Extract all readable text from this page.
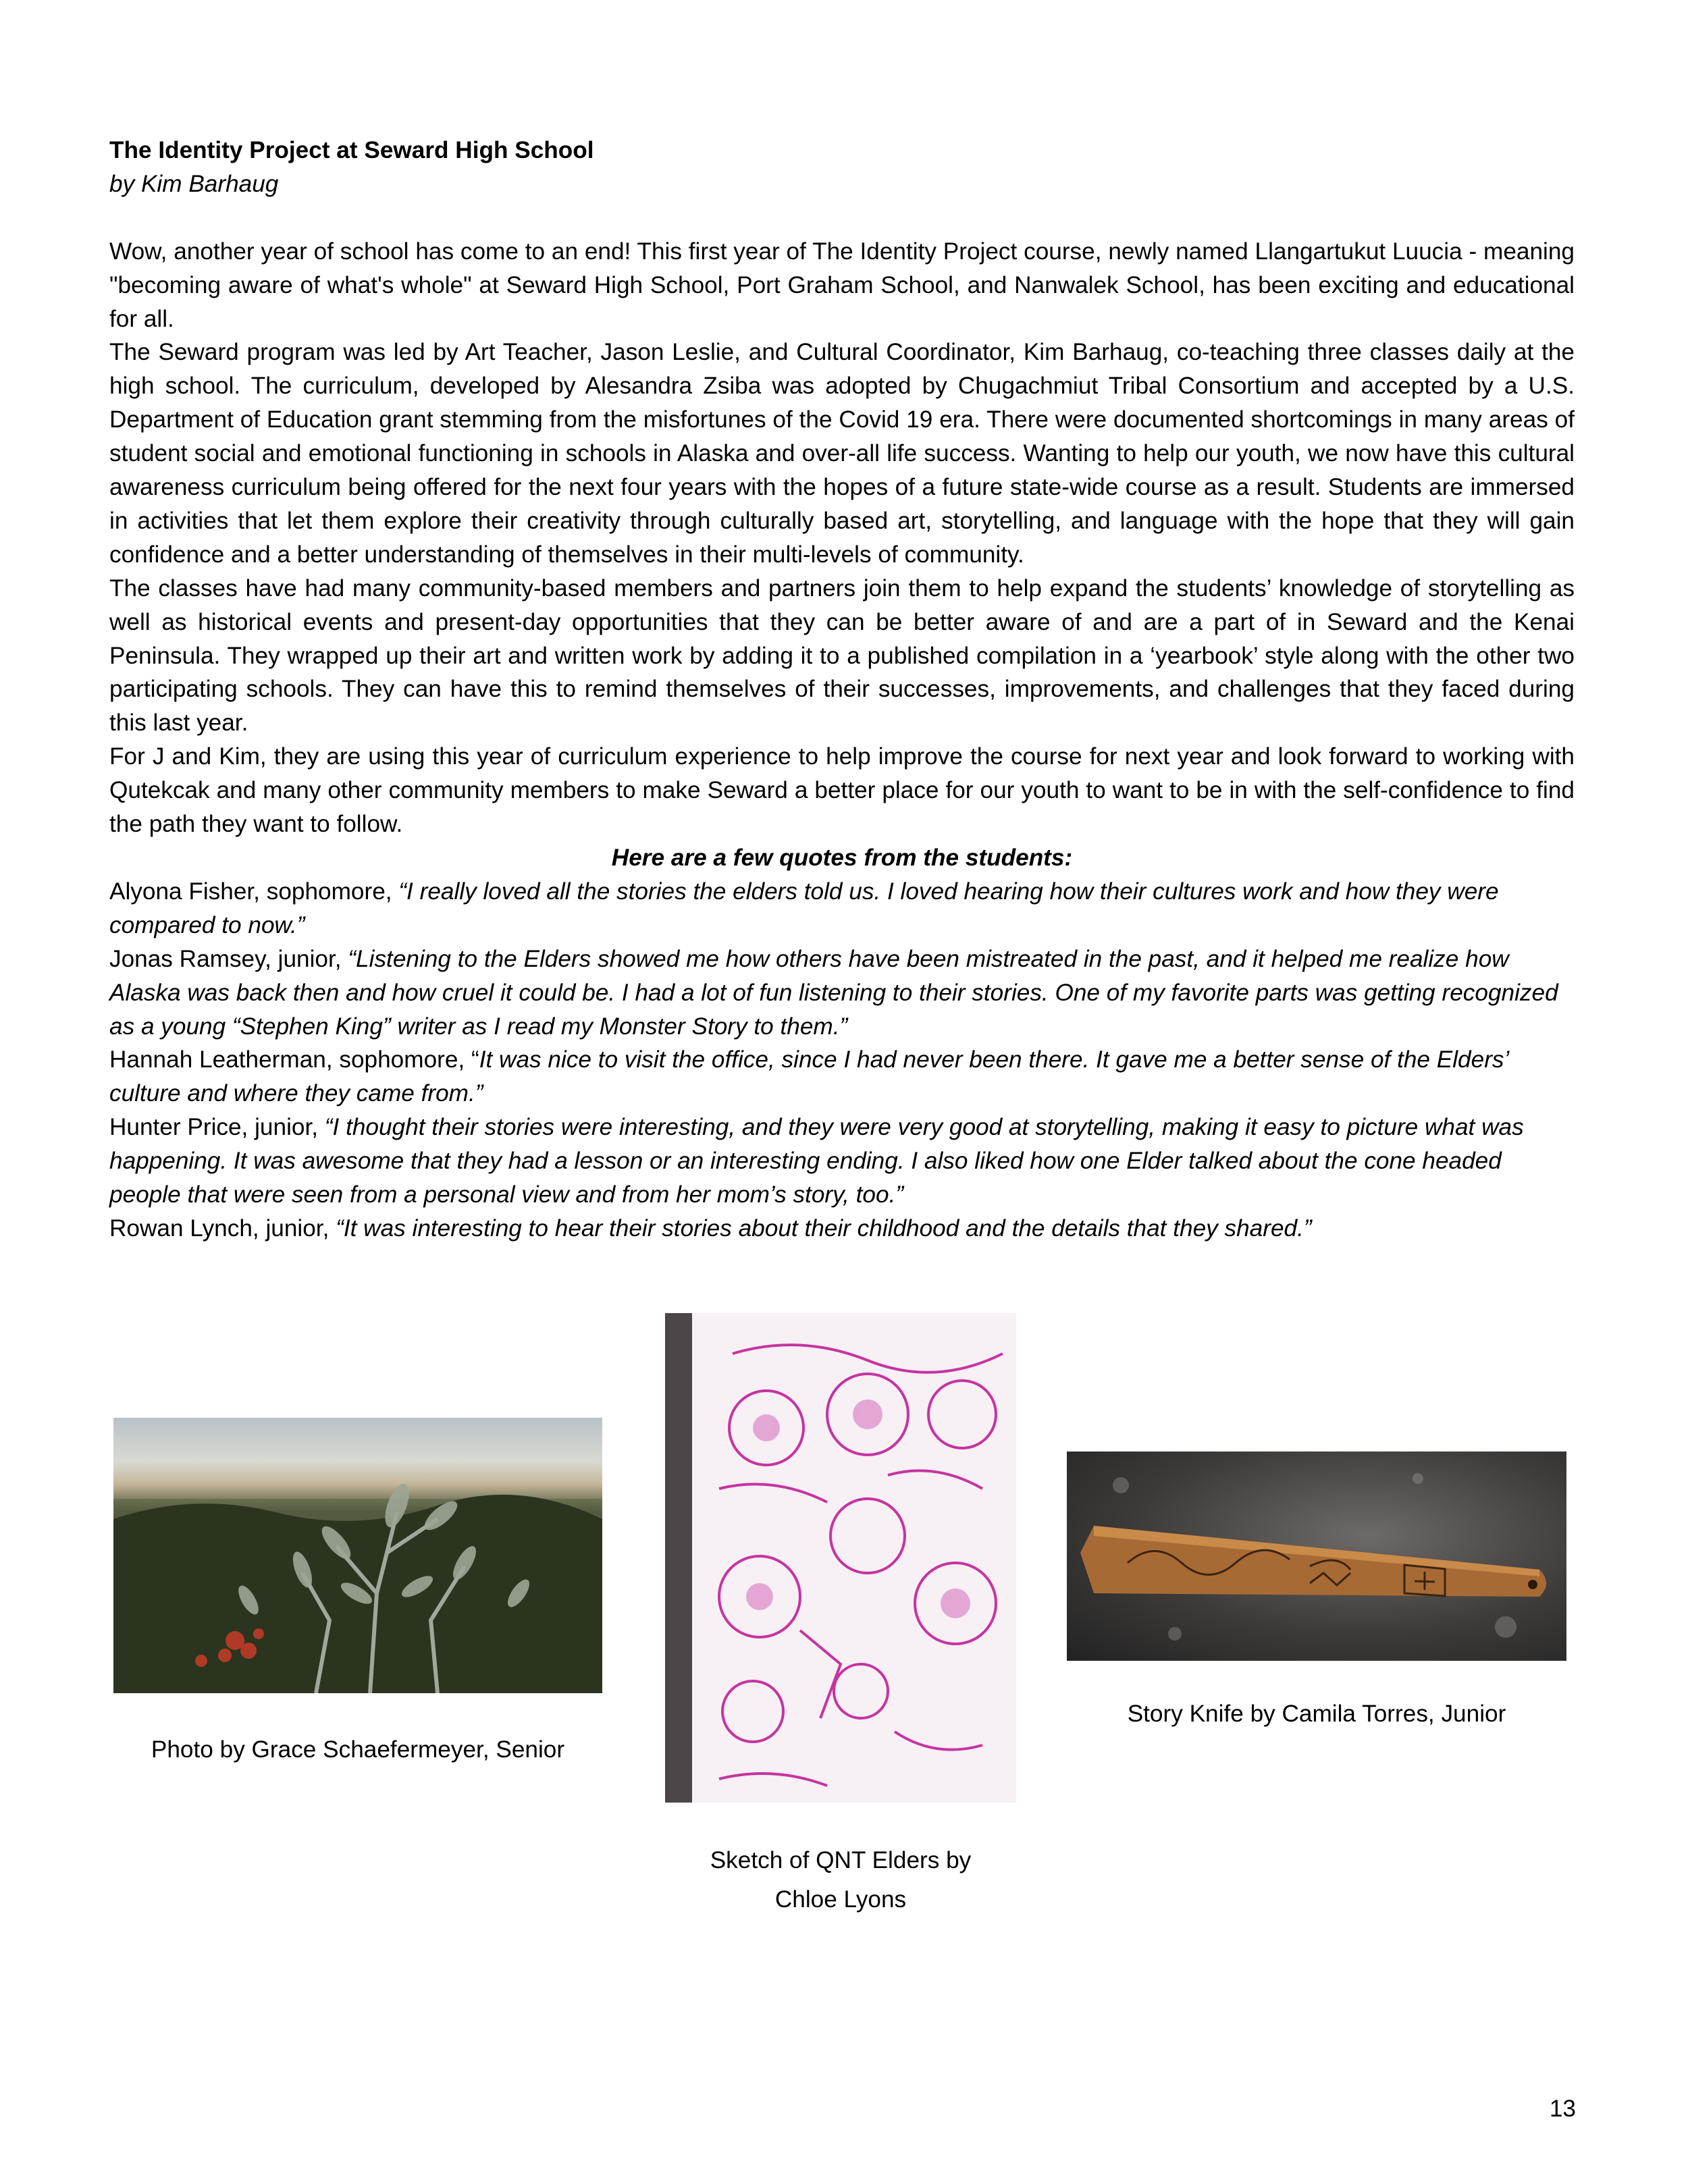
The Identity Project at Seward High School

by Kim Barhaug

Wow, another year of school has come to an end! This first year of The Identity Project course, newly named Llangartukut Luucia - meaning "becoming aware of what's whole" at Seward High School, Port Graham School, and Nanwalek School, has been exciting and educational for all.

The Seward program was led by Art Teacher, Jason Leslie, and Cultural Coordinator, Kim Barhaug, co-teaching three classes daily at the high school. The curriculum, developed by Alesandra Zsiba was adopted by Chugachmiut Tribal Consortium and accepted by a U.S. Department of Education grant stemming from the misfortunes of the Covid 19 era. There were documented shortcomings in many areas of student social and emotional functioning in schools in Alaska and over-all life success. Wanting to help our youth, we now have this cultural awareness curriculum being offered for the next four years with the hopes of a future state-wide course as a result. Students are immersed in activities that let them explore their creativity through culturally based art, storytelling, and language with the hope that they will gain confidence and a better understanding of themselves in their multi-levels of community.

The classes have had many community-based members and partners join them to help expand the students’ knowledge of storytelling as well as historical events and present-day opportunities that they can be better aware of and are a part of in Seward and the Kenai Peninsula. They wrapped up their art and written work by adding it to a published compilation in a ‘yearbook’ style along with the other two participating schools. They can have this to remind themselves of their successes, improvements, and challenges that they faced during this last year.

For J and Kim, they are using this year of curriculum experience to help improve the course for next year and look forward to working with Qutekcak and many other community members to make Seward a better place for our youth to want to be in with the self-confidence to find the path they want to follow.

Here are a few quotes from the students:

Alyona Fisher, sophomore, “I really loved all the stories the elders told us. I loved hearing how their cultures work and how they were compared to now.”

Jonas Ramsey, junior, “Listening to the Elders showed me how others have been mistreated in the past, and it helped me realize how Alaska was back then and how cruel it could be. I had a lot of fun listening to their stories. One of my favorite parts was getting recognized as a young “Stephen King” writer as I read my Monster Story to them.”

Hannah Leatherman, sophomore, “It was nice to visit the office, since I had never been there. It gave me a better sense of the Elders’ culture and where they came from.”

Hunter Price, junior, “I thought their stories were interesting, and they were very good at storytelling, making it easy to picture what was happening. It was awesome that they had a lesson or an interesting ending. I also liked how one Elder talked about the cone headed people that were seen from a personal view and from her mom’s story, too.”

Rowan Lynch, junior, “It was interesting to hear their stories about their childhood and the details that they shared.”

Photo by Grace Schaefermeyer, Senior
Sketch of QNT Elders by
Chloe Lyons
Story Knife by Camila Torres, Junior
13
